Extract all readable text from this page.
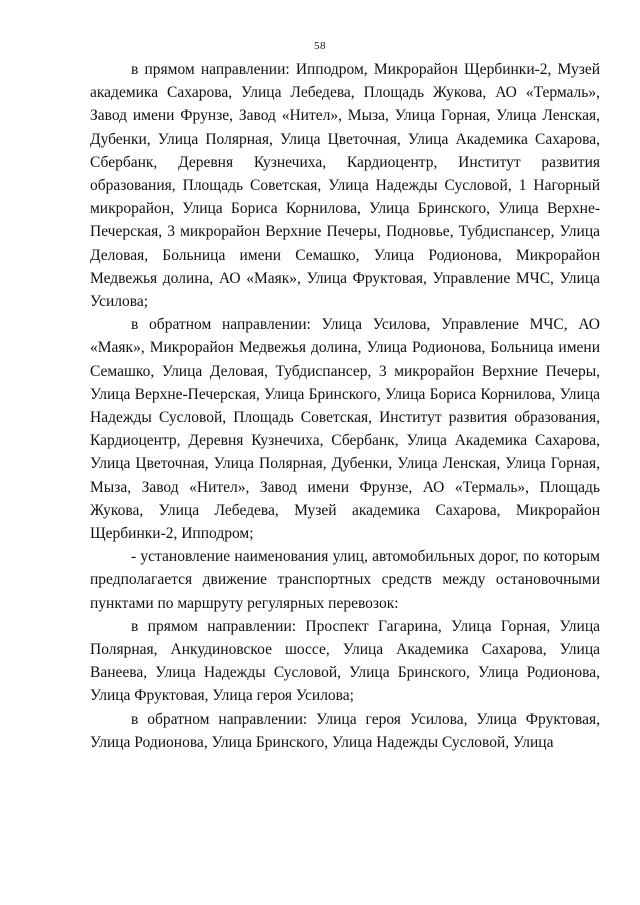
58

в прямом направлении: Ипподром, Микрорайон Щербинки-2, Музей академика Сахарова, Улица Лебедева, Площадь Жукова, АО «Термаль», Завод имени Фрунзе, Завод «Нител», Мыза, Улица Горная, Улица Ленская, Дубенки, Улица Полярная, Улица Цветочная, Улица Академика Сахарова, Сбербанк, Деревня Кузнечиха, Кардиоцентр, Институт развития образования, Площадь Советская, Улица Надежды Сусловой, 1 Нагорный микрорайон, Улица Бориса Корнилова, Улица Бринского, Улица Верхне-Печерская, 3 микрорайон Верхние Печеры, Подновье, Тубдиспансер, Улица Деловая, Больница имени Семашко, Улица Родионова, Микрорайон Медвежья долина, АО «Маяк», Улица Фруктовая, Управление МЧС, Улица Усилова;

в обратном направлении: Улица Усилова, Управление МЧС, АО «Маяк», Микрорайон Медвежья долина, Улица Родионова, Больница имени Семашко, Улица Деловая, Тубдиспансер, 3 микрорайон Верхние Печеры, Улица Верхне-Печерская, Улица Бринского, Улица Бориса Корнилова, Улица Надежды Сусловой, Площадь Советская, Институт развития образования, Кардиоцентр, Деревня Кузнечиха, Сбербанк, Улица Академика Сахарова, Улица Цветочная, Улица Полярная, Дубенки, Улица Ленская, Улица Горная, Мыза, Завод «Нител», Завод имени Фрунзе, АО «Термаль», Площадь Жукова, Улица Лебедева, Музей академика Сахарова, Микрорайон Щербинки-2, Ипподром;

- установление наименования улиц, автомобильных дорог, по которым предполагается движение транспортных средств между остановочными пунктами по маршруту регулярных перевозок:

в прямом направлении: Проспект Гагарина, Улица Горная, Улица Полярная, Анкудиновское шоссе, Улица Академика Сахарова, Улица Ванеева, Улица Надежды Сусловой, Улица Бринского, Улица Родионова, Улица Фруктовая, Улица героя Усилова;

в обратном направлении: Улица героя Усилова, Улица Фруктовая, Улица Родионова, Улица Бринского, Улица Надежды Сусловой, Улица
